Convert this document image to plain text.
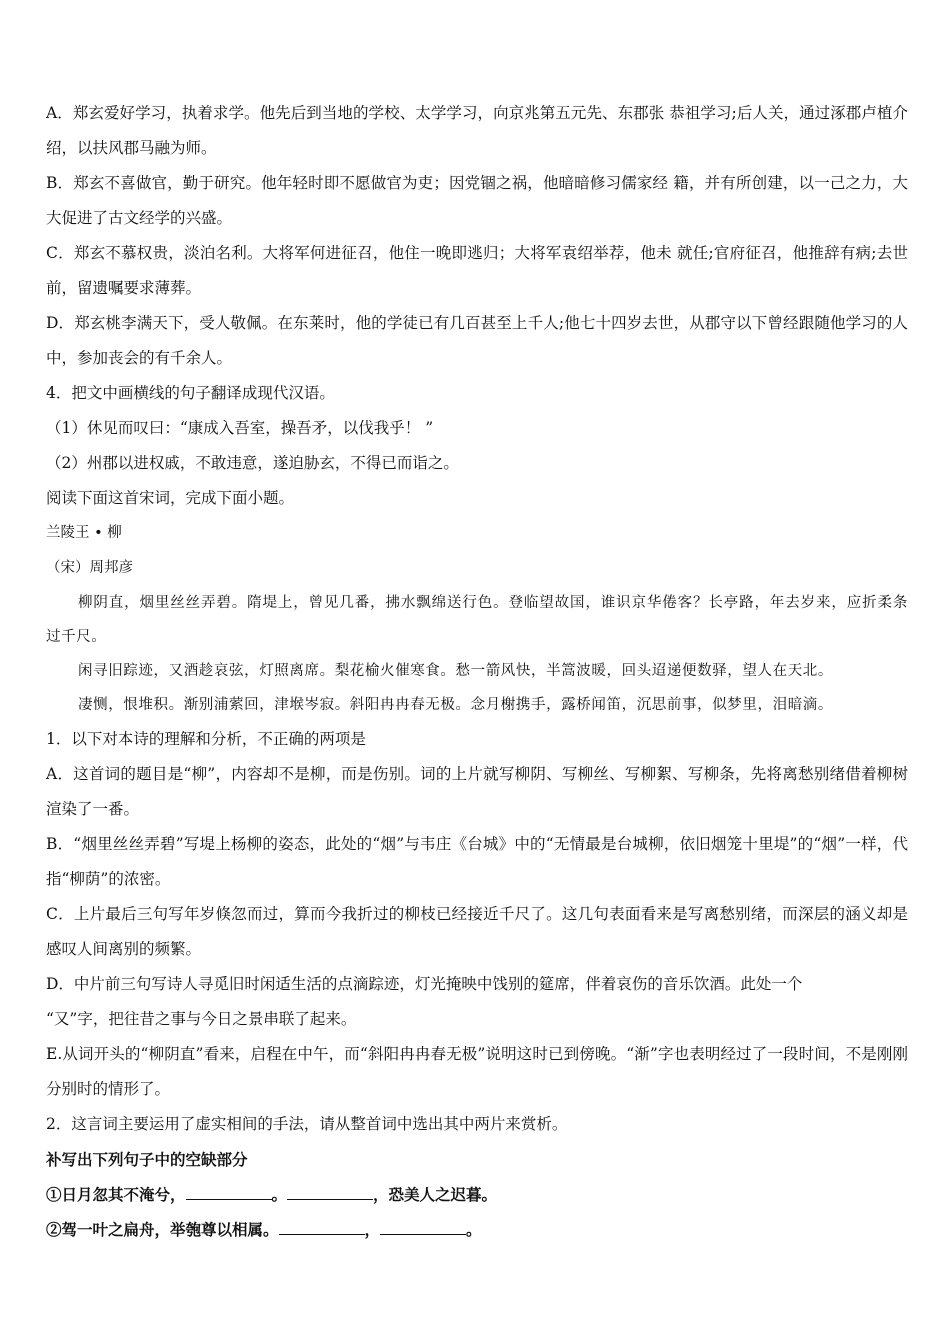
A．郑玄爱好学习，执着求学。他先后到当地的学校、太学学习，向京兆第五元先、东郡张 恭祖学习;后人关，通过涿郡卢植介绍，以扶风郡马融为师。

B．郑玄不喜做官，勤于研究。他年轻时即不愿做官为吏；因党锢之祸，他暗暗修习儒家经 籍，并有所创建，以一己之力，大大促进了古文经学的兴盛。

C．郑玄不慕权贵，淡泊名利。大将军何进征召，他住一晚即逃归；大将军袁绍举荐，他未 就任;官府征召，他推辞有病;去世前，留遗嘱要求薄葬。

D．郑玄桃李满天下，受人敬佩。在东莱时，他的学徒已有几百甚至上千人;他七十四岁去世，从郡守以下曾经跟随他学习的人中，参加丧会的有千余人。

4．把文中画横线的句子翻译成现代汉语。

（1）休见而叹曰：“康成入吾室，操吾矛，以伐我乎！ ”

（2）州郡以进权戚，不敢违意，遂迫胁玄，不得已而诣之。

阅读下面这首宋词，完成下面小题。

兰陵王 • 柳

（宋）周邦彦

柳阴直，烟里丝丝弄碧。隋堤上，曾见几番，拂水飘绵送行色。登临望故国，谁识京华倦客？长亭路，年去岁来，应折柔条过千尺。

闲寻旧踪迹，又酒趁哀弦，灯照离席。梨花榆火催寒食。愁一箭风快，半篙波暖，回头迢递便数驿，望人在天北。

凄恻，恨堆积。渐别浦萦回，津堠岑寂。斜阳冉冉春无极。念月榭携手，露桥闻笛，沉思前事，似梦里，泪暗滴。

1．以下对本诗的理解和分析，不正确的两项是

A．这首词的题目是“柳”，内容却不是柳，而是伤别。词的上片就写柳阴、写柳丝、写柳絮、写柳条，先将离愁别绪借着柳树渲染了一番。

B．“烟里丝丝弄碧”写堤上杨柳的姿态，此处的“烟”与韦庄《台城》中的“无情最是台城柳，依旧烟笼十里堤”的“烟”一样，代指“柳荫”的浓密。

C．上片最后三句写年岁倏忽而过，算而今我折过的柳枝已经接近千尺了。这几句表面看来是写离愁别绪，而深层的涵义却是感叹人间离别的频繁。

D．中片前三句写诗人寻觅旧时闲适生活的点滴踪迹，灯光掩映中饯别的筵席，伴着哀伤的音乐饮酒。此处一个

“又”字，把往昔之事与今日之景串联了起来。

E.从词开头的“柳阴直”看来，启程在中午，而“斜阳冉冉春无极”说明这时已到傍晚。“渐”字也表明经过了一段时间，不是刚刚分别时的情形了。

2．这言词主要运用了虚实相间的手法，请从整首词中选出其中两片来赏析。

补写出下列句子中的空缺部分

①日月忽其不淹兮，	。	，恐美人之迟暮。

②驾一叶之扁舟，举匏尊以相属。	，	。
